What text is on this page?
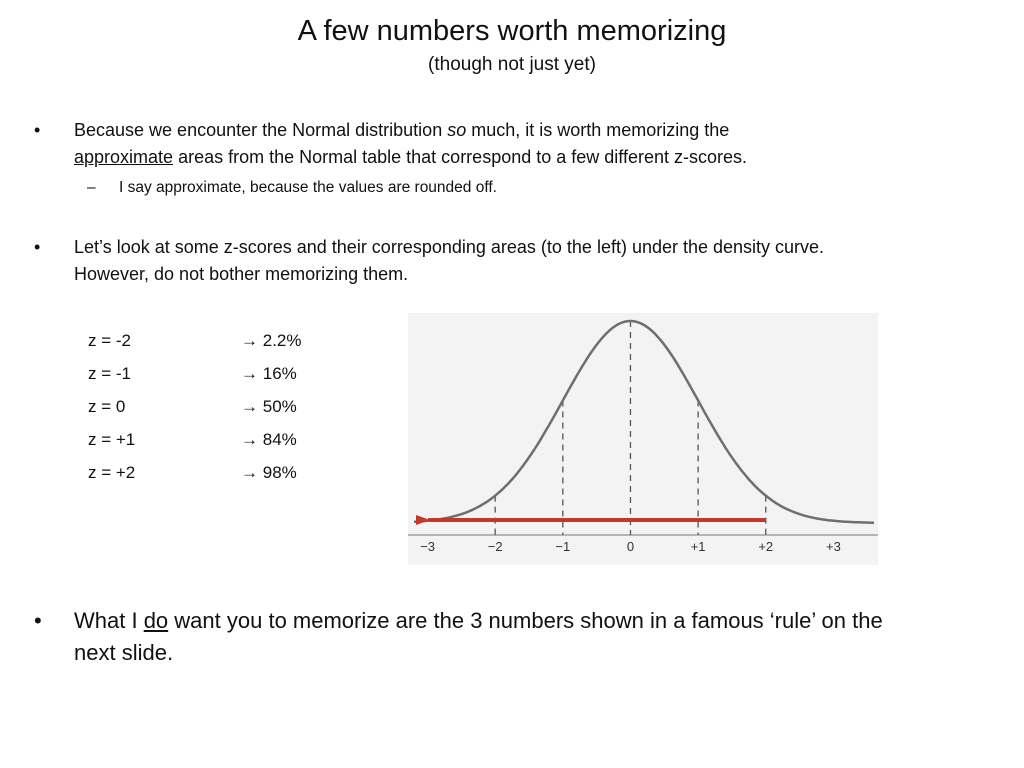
A few numbers worth memorizing
(though not just yet)
• Because we encounter the Normal distribution so much, it is worth memorizing the
approximate areas from the Normal table that correspond to a few different z-scores.
– I say approximate, because the values are rounded off.
• Let’s look at some z-scores and their corresponding areas (to the left) under the density curve.
However, do not bother memorizing them.
z = -2	→ 2.2%
z = -1	→ 16%
z = 0	→ 50%
z = +1	→ 84%
z = +2	→ 98%
−3	−2	−1	0	+1	+2	+3
• What I do want you to memorize are the 3 numbers shown in a famous ‘rule’ on the
next slide.
